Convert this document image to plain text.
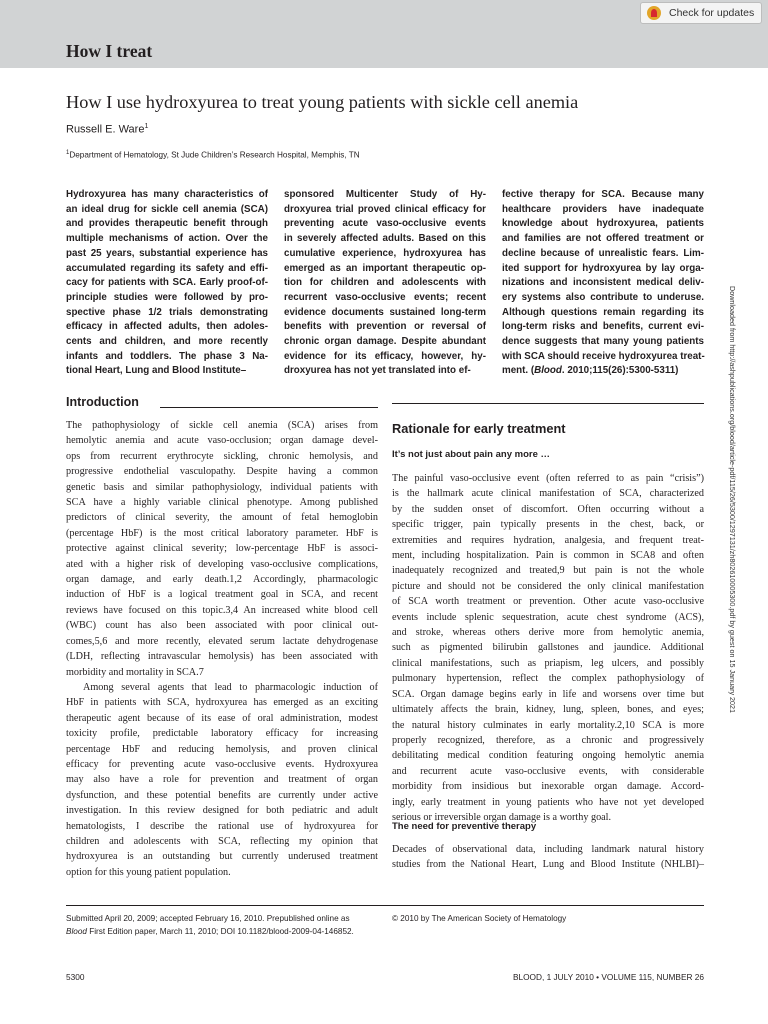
How I treat
Check for updates
How I use hydroxyurea to treat young patients with sickle cell anemia
Russell E. Ware$^1$
$^1$Department of Hematology, St Jude Children’s Research Hospital, Memphis, TN
Hydroxyurea has many characteristics of
an ideal drug for sickle cell anemia (SCA)
and provides therapeutic benefit through
multiple mechanisms of action. Over the
past 25 years, substantial experience has
accumulated regarding its safety and effi-
cacy for patients with SCA. Early proof-of-
principle studies were followed by pro-
spective phase 1/2 trials demonstrating
efficacy in affected adults, then adoles-
cents and children, and more recently
infants and toddlers. The phase 3 Na-
tional Heart, Lung and Blood Institute–
sponsored Multicenter Study of Hy-
droxyurea trial proved clinical efficacy for
preventing acute vaso-occlusive events
in severely affected adults. Based on this
cumulative experience, hydroxyurea has
emerged as an important therapeutic op-
tion for children and adolescents with
recurrent vaso-occlusive events; recent
evidence documents sustained long-term
benefits with prevention or reversal of
chronic organ damage. Despite abundant
evidence for its efficacy, however, hy-
droxyurea has not yet translated into ef-
fective therapy for SCA. Because many
healthcare providers have inadequate
knowledge about hydroxyurea, patients
and families are not offered treatment or
decline because of unrealistic fears. Lim-
ited support for hydroxyurea by lay orga-
nizations and inconsistent medical deliv-
ery systems also contribute to underuse.
Although questions remain regarding its
long-term risks and benefits, current evi-
dence suggests that many young patients
with SCA should receive hydroxyurea treat-
ment. (Blood. 2010;115(26):5300-5311)
Introduction
The pathophysiology of sickle cell anemia (SCA) arises from
hemolytic anemia and acute vaso-occlusion; organ damage devel-
ops from recurrent erythrocyte sickling, chronic hemolysis, and
progressive endothelial vasculopathy. Despite having a common
genetic basis and similar pathophysiology, individual patients with
SCA have a highly variable clinical phenotype. Among published
predictors of clinical severity, the amount of fetal hemoglobin
(percentage HbF) is the most critical laboratory parameter. HbF is
protective against clinical severity; low-percentage HbF is associ-
ated with a higher risk of developing vaso-occlusive complications,
organ damage, and early death.1,2 Accordingly, pharmacologic
induction of HbF is a logical treatment goal in SCA, and recent
reviews have focused on this topic.3,4 An increased white blood cell
(WBC) count has also been associated with poor clinical out-
comes,5,6 and more recently, elevated serum lactate dehydrogenase
(LDH, reflecting intravascular hemolysis) has been associated with
morbidity and mortality in SCA.7
Among several agents that lead to pharmacologic induction of
HbF in patients with SCA, hydroxyurea has emerged as an exciting
therapeutic agent because of its ease of oral administration, modest
toxicity profile, predictable laboratory efficacy for increasing
percentage HbF and reducing hemolysis, and proven clinical
efficacy for preventing acute vaso-occlusive events. Hydroxyurea
may also have a role for prevention and treatment of organ
dysfunction, and these potential benefits are currently under active
investigation. In this review designed for both pediatric and adult
hematologists, I describe the rational use of hydroxyurea for
children and adolescents with SCA, reflecting my opinion that
hydroxyurea is an outstanding but currently underused treatment
option for this young patient population.
Rationale for early treatment
It’s not just about pain any more …
The painful vaso-occlusive event (often referred to as pain “crisis”)
is the hallmark acute clinical manifestation of SCA, characterized
by the sudden onset of discomfort. Often occurring without a
specific trigger, pain typically presents in the chest, back, or
extremities and requires hydration, analgesia, and frequent treat-
ment, including hospitalization. Pain is common in SCA8 and often
inadequately recognized and treated,9 but pain is not the whole
picture and should not be considered the only clinical manifestation
of SCA worth treatment or prevention. Other acute vaso-occlusive
events include splenic sequestration, acute chest syndrome (ACS),
and stroke, whereas others derive more from hemolytic anemia,
such as pigmented bilirubin gallstones and jaundice. Additional
clinical manifestations, such as priapism, leg ulcers, and possibly
pulmonary hypertension, reflect the complex pathophysiology of
SCA. Organ damage begins early in life and worsens over time but
ultimately affects the brain, kidney, lung, spleen, bones, and eyes;
the natural history culminates in early mortality.2,10 SCA is more
properly recognized, therefore, as a chronic and progressively
debilitating medical condition featuring ongoing hemolytic anemia
and recurrent acute vaso-occlusive events, with considerable
morbidity from insidious but inexorable organ damage. Accord-
ingly, early treatment in young patients who have not yet developed
serious or irreversible organ damage is a worthy goal.
The need for preventive therapy
Decades of observational data, including landmark natural history
studies from the National Heart, Lung and Blood Institute (NHLBI)–
Submitted April 20, 2009; accepted February 16, 2010. Prepublished online as
Blood First Edition paper, March 11, 2010; DOI 10.1182/blood-2009-04-146852.
© 2010 by The American Society of Hematology
5300	BLOOD, 1 JULY 2010 • VOLUME 115, NUMBER 26
Downloaded from http://ashpublications.org/blood/article-pdf/115/26/5300/1297131/zh802610005300.pdf by guest on 15 January 2021
